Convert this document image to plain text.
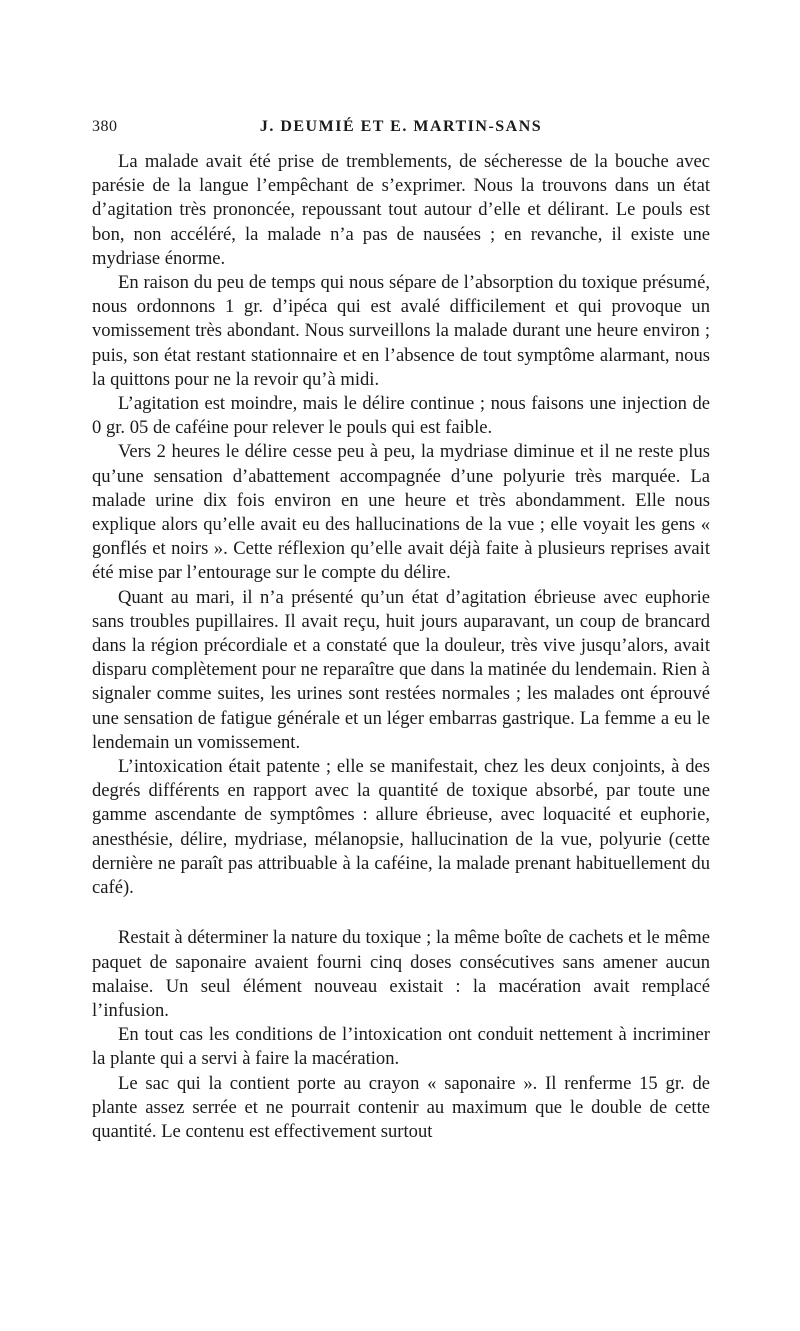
380	J. DEUMIÉ ET E. MARTIN-SANS

La malade avait été prise de tremblements, de sécheresse de la bouche avec parésie de la langue l’empêchant de s’exprimer. Nous la trouvons dans un état d’agitation très prononcée, repoussant tout autour d’elle et délirant. Le pouls est bon, non accéléré, la malade n’a pas de nausées ; en revanche, il existe une mydriase énorme.

En raison du peu de temps qui nous sépare de l’absorption du toxique présumé, nous ordonnons 1 gr. d’ipéca qui est avalé difficilement et qui provoque un vomissement très abondant. Nous surveillons la malade durant une heure environ ; puis, son état restant stationnaire et en l’absence de tout symptôme alarmant, nous la quittons pour ne la revoir qu’à midi.

L’agitation est moindre, mais le délire continue ; nous faisons une injection de 0 gr. 05 de caféine pour relever le pouls qui est faible.

Vers 2 heures le délire cesse peu à peu, la mydriase diminue et il ne reste plus qu’une sensation d’abattement accompagnée d’une polyurie très marquée. La malade urine dix fois environ en une heure et très abondamment. Elle nous explique alors qu’elle avait eu des hallucinations de la vue ; elle voyait les gens « gonflés et noirs ». Cette réflexion qu’elle avait déjà faite à plusieurs reprises avait été mise par l’entourage sur le compte du délire.

Quant au mari, il n’a présenté qu’un état d’agitation ébrieuse avec euphorie sans troubles pupillaires. Il avait reçu, huit jours auparavant, un coup de brancard dans la région précordiale et a constaté que la douleur, très vive jusqu’alors, avait disparu complètement pour ne reparaître que dans la matinée du lendemain. Rien à signaler comme suites, les urines sont restées normales ; les malades ont éprouvé une sensation de fatigue générale et un léger embarras gastrique. La femme a eu le lendemain un vomissement.

L’intoxication était patente ; elle se manifestait, chez les deux conjoints, à des degrés différents en rapport avec la quantité de toxique absorbé, par toute une gamme ascendante de symptômes : allure ébrieuse, avec loquacité et euphorie, anesthésie, délire, mydriase, mélanopsie, hallucination de la vue, polyurie (cette dernière ne paraît pas attribuable à la caféine, la malade prenant habituellement du café).

Restait à déterminer la nature du toxique ; la même boîte de cachets et le même paquet de saponaire avaient fourni cinq doses consécutives sans amener aucun malaise. Un seul élément nouveau existait : la macération avait remplacé l’infusion.

En tout cas les conditions de l’intoxication ont conduit nettement à incriminer la plante qui a servi à faire la macération.

Le sac qui la contient porte au crayon « saponaire ». Il renferme 15 gr. de plante assez serrée et ne pourrait contenir au maximum que le double de cette quantité. Le contenu est effectivement surtout
